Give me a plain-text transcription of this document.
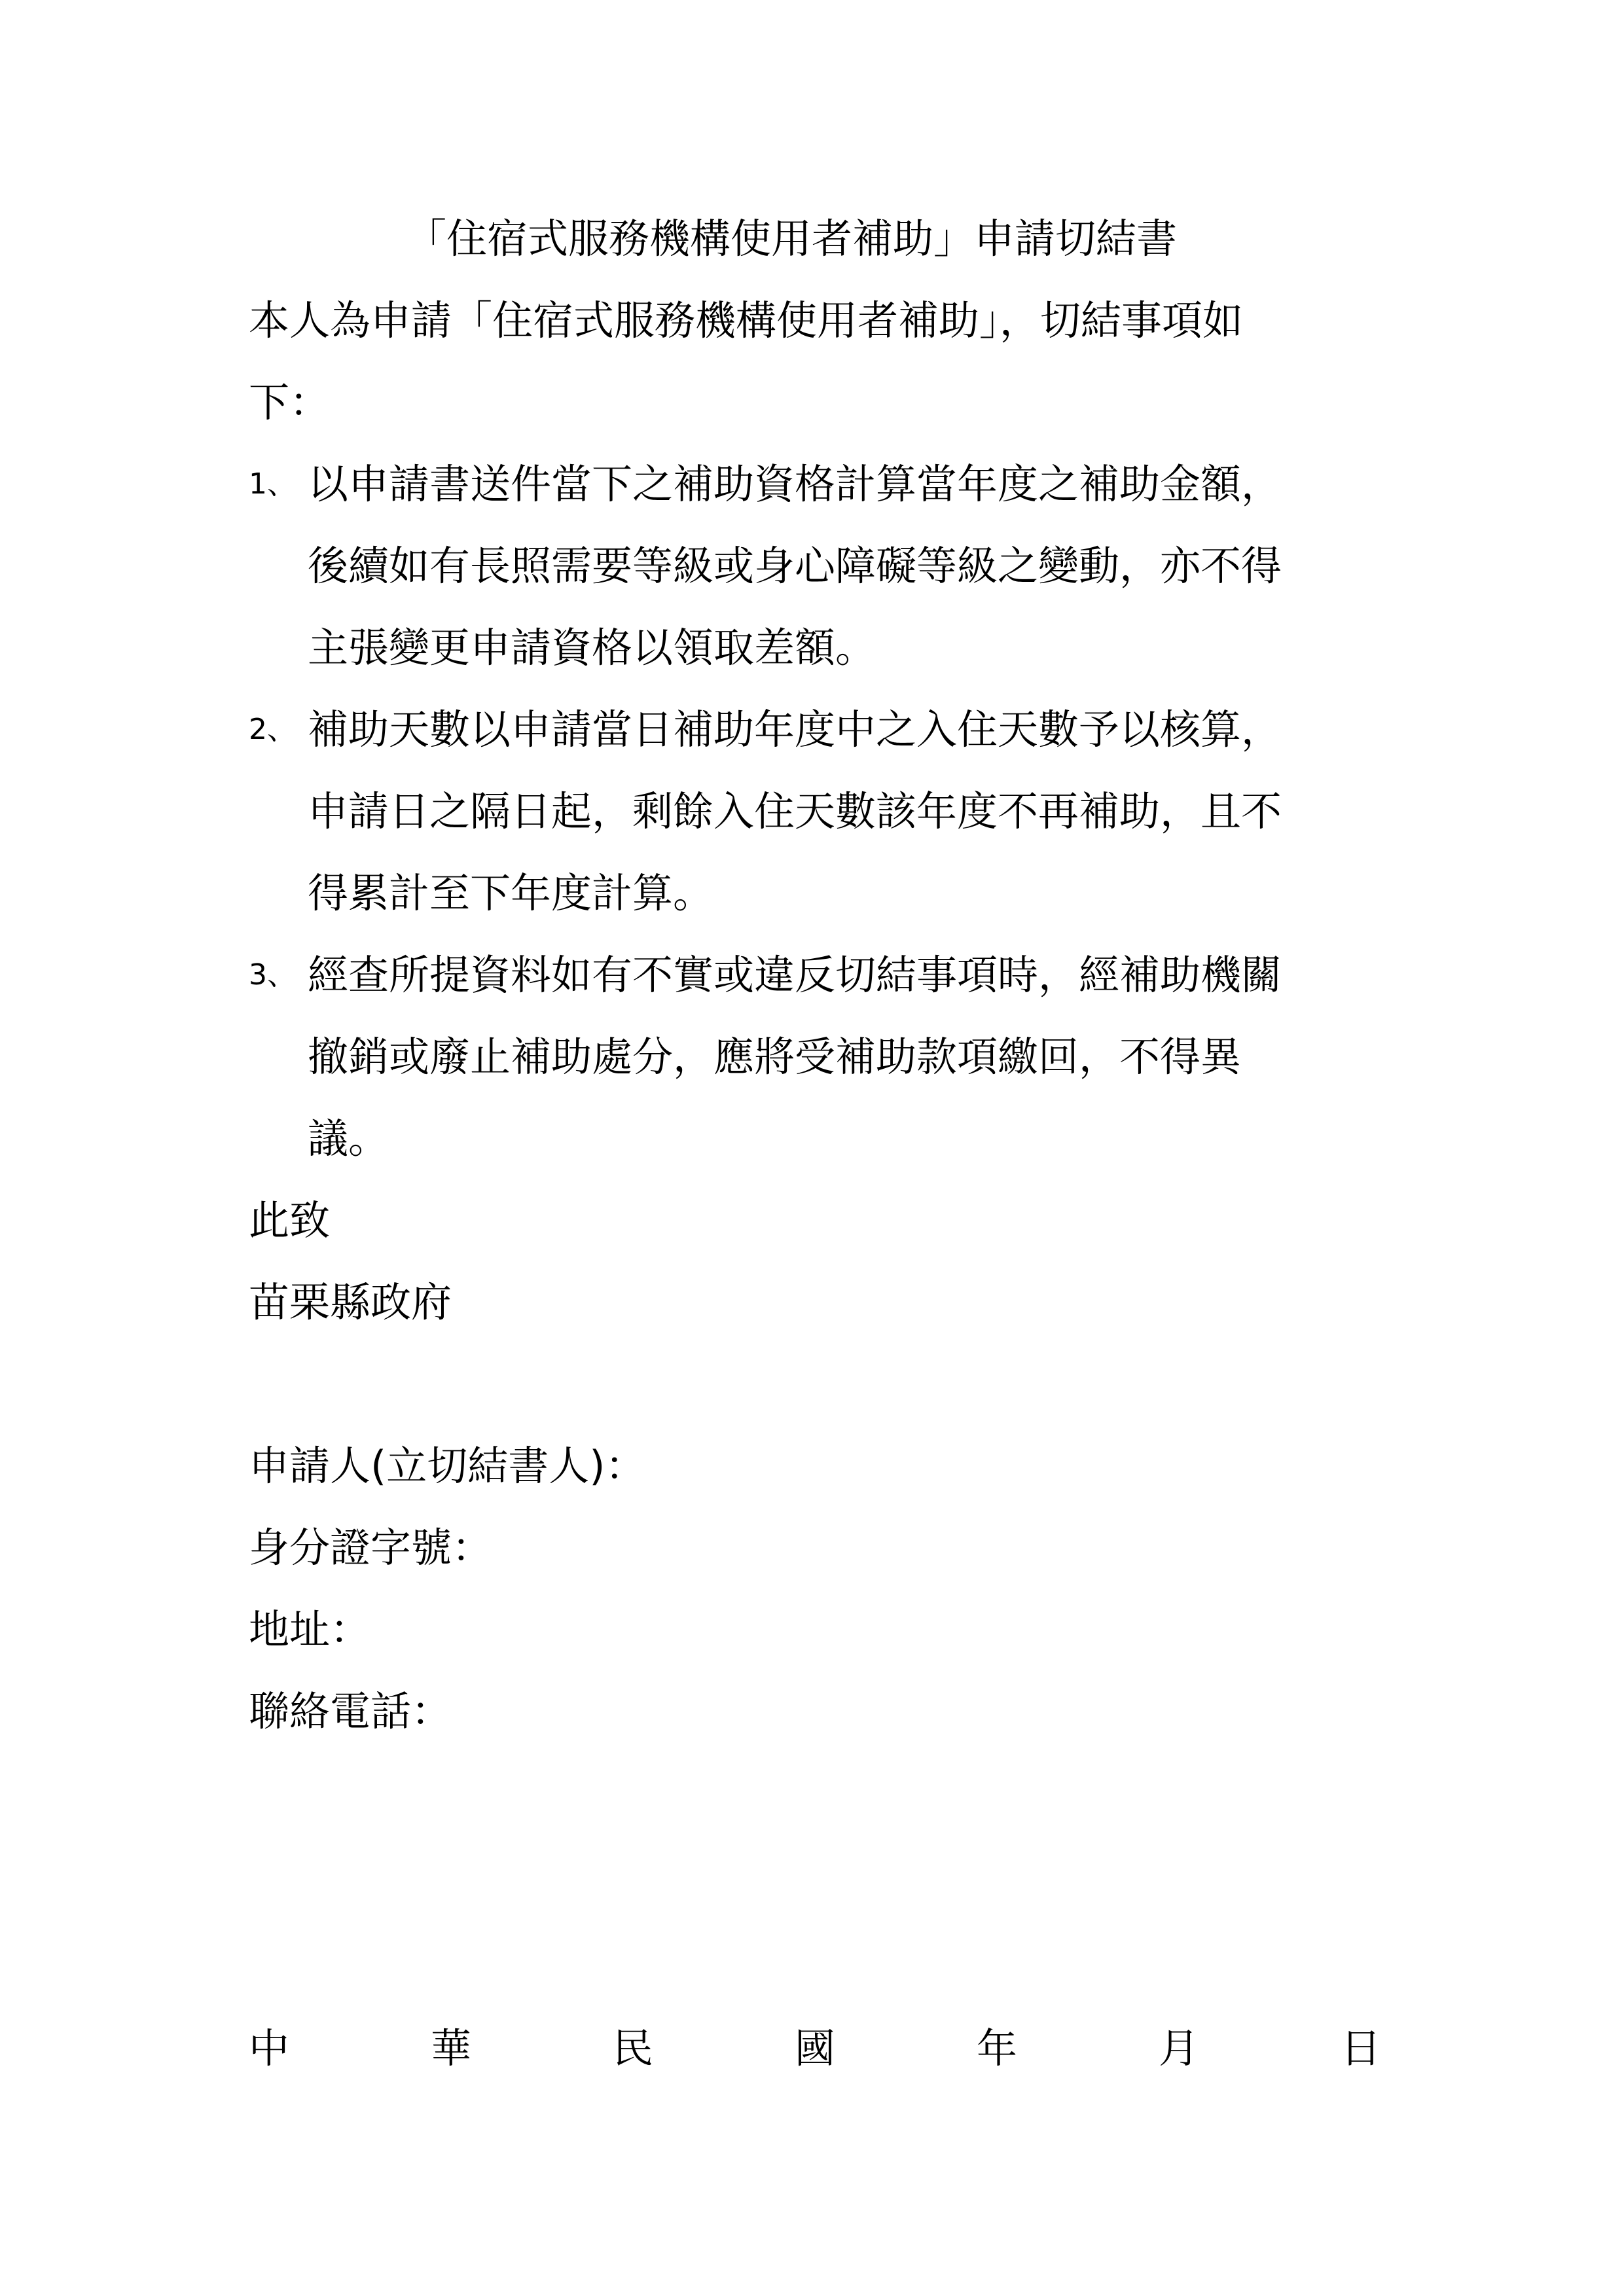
「住宿式服務機構使用者補助」申請切結書
本人為申請「住宿式服務機構使用者補助」，切結事項如
下：
1、 以申請書送件當下之補助資格計算當年度之補助金額，
後續如有長照需要等級或身心障礙等級之變動，亦不得
主張變更申請資格以領取差額。
2、 補助天數以申請當日補助年度中之入住天數予以核算，
申請日之隔日起，剩餘入住天數該年度不再補助，且不
得累計至下年度計算。
3、 經查所提資料如有不實或違反切結事項時，經補助機關
撤銷或廢止補助處分，應將受補助款項繳回，不得異
議。
此致
苗栗縣政府
申請人(立切結書人)：
身分證字號：
地址：
聯絡電話：
中	華	民	國	年	月	日
